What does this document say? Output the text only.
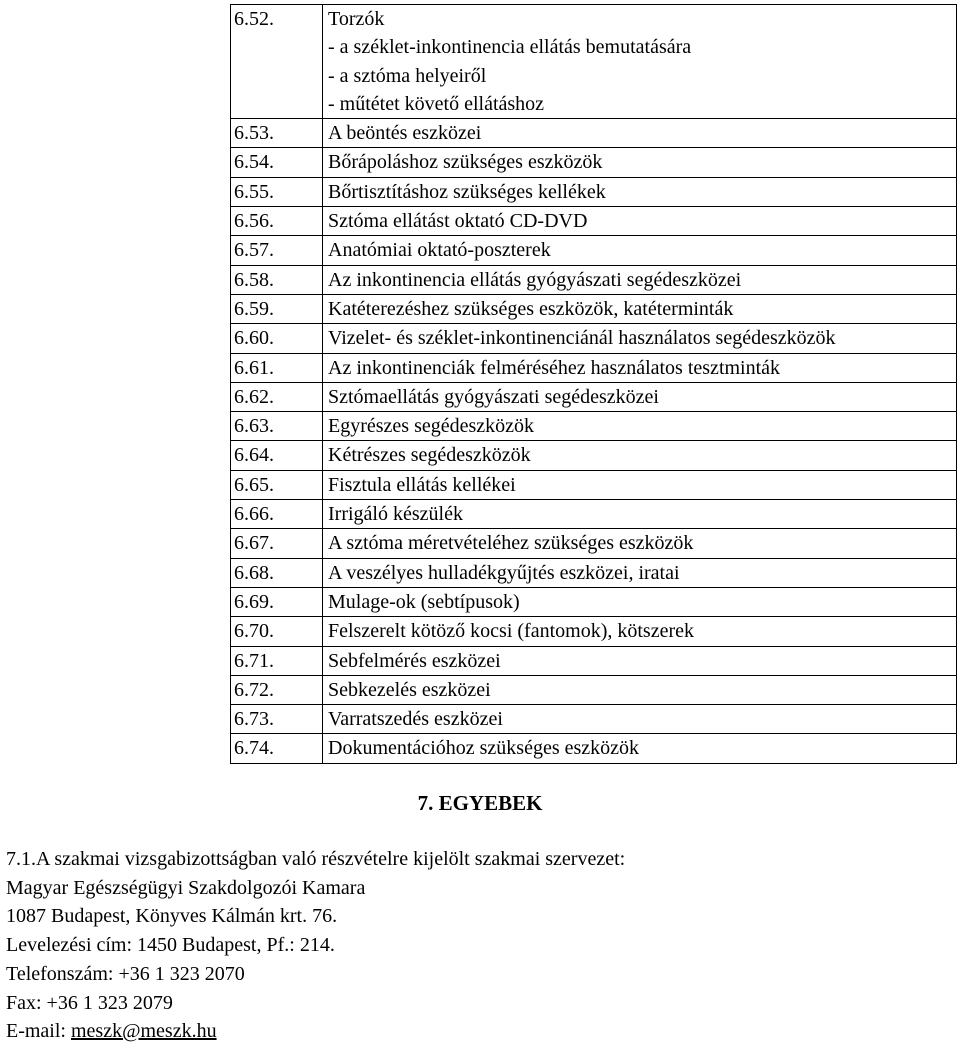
6.52.	Torzók
- a széklet-inkontinencia ellátás bemutatására
- a sztóma helyeiről
- műtétet követő ellátáshoz

6.53.	A beöntés eszközei

6.54.	Bőrápoláshoz szükséges eszközök

6.55.	Bőrtisztításhoz szükséges kellékek

6.56.	Sztóma ellátást oktató CD-DVD

6.57.	Anatómiai oktató-poszterek

6.58.	Az inkontinencia ellátás gyógyászati segédeszközei

6.59.	Katéterezéshez szükséges eszközök, katéterminták

6.60.	Vizelet- és széklet-inkontinenciánál használatos segédeszközök

6.61.	Az inkontinenciák felméréséhez használatos tesztminták

6.62.	Sztómaellátás gyógyászati segédeszközei

6.63.	Egyrészes segédeszközök

6.64.	Kétrészes segédeszközök

6.65.	Fisztula ellátás kellékei

6.66.	Irrigáló készülék

6.67.	A sztóma méretvételéhez szükséges eszközök

6.68.	A veszélyes hulladékgyűjtés eszközei, iratai

6.69.	Mulage-ok (sebtípusok)

6.70.	Felszerelt kötöző kocsi (fantomok), kötszerek

6.71.	Sebfelmérés eszközei

6.72.	Sebkezelés eszközei

6.73.	Varratszedés eszközei

6.74.	Dokumentációhoz szükséges eszközök
7. EGYEBEK
7.1.A szakmai vizsgabizottságban való részvételre kijelölt szakmai szervezet:
Magyar Egészségügyi Szakdolgozói Kamara
1087 Budapest, Könyves Kálmán krt. 76.
Levelezési cím: 1450 Budapest, Pf.: 214.
Telefonszám: +36 1 323 2070
Fax: +36 1 323 2079
E-mail: meszk@meszk.hu
